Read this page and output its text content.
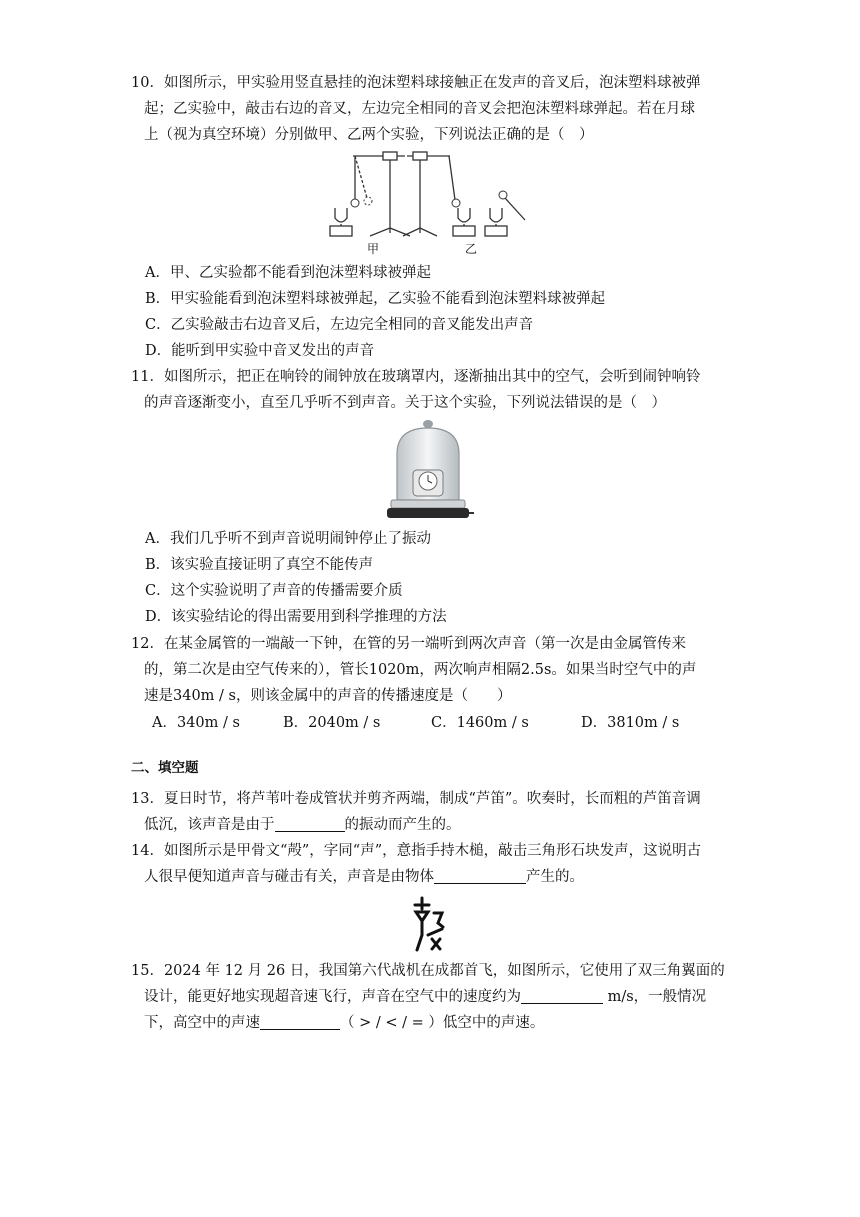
10．如图所示，甲实验用竖直悬挂的泡沫塑料球接触正在发声的音叉后，泡沫塑料球被弹
起；乙实验中，敲击右边的音叉，左边完全相同的音叉会把泡沫塑料球弹起。若在月球
上（视为真空环境）分别做甲、乙两个实验，下列说法正确的是（　）
甲	乙
A．甲、乙实验都不能看到泡沫塑料球被弹起
B．甲实验能看到泡沫塑料球被弹起，乙实验不能看到泡沫塑料球被弹起
C．乙实验敲击右边音叉后，左边完全相同的音叉能发出声音
D．能听到甲实验中音叉发出的声音
11．如图所示，把正在响铃的闹钟放在玻璃罩内，逐渐抽出其中的空气，会听到闹钟响铃
的声音逐渐变小，直至几乎听不到声音。关于这个实验，下列说法错误的是（　）
A．我们几乎听不到声音说明闹钟停止了振动
B．该实验直接证明了真空不能传声
C．这个实验说明了声音的传播需要介质
D．该实验结论的得出需要用到科学推理的方法
12．在某金属管的一端敲一下钟，在管的另一端听到两次声音（第一次是由金属管传来
的，第二次是由空气传来的），管长1020m，两次响声相隔2.5s。如果当时空气中的声
速是340m / s，则该金属中的声音的传播速度是（　　）
A．340m / s	B．2040m / s	C．1460m / s	D．3810m / s
二、填空题
13．夏日时节，将芦苇叶卷成管状并剪齐两端，制成“芦笛”。吹奏时，长而粗的芦笛音调
低沉，该声音是由于	的振动而产生的。
14．如图所示是甲骨文“殸”，字同“声”，意指手持木槌，敲击三角形石块发声，这说明古
人很早便知道声音与碰击有关，声音是由物体	产生的。
15．2024 年 12 月 26 日，我国第六代战机在成都首飞，如图所示，它使用了双三角翼面的
设计，能更好地实现超音速飞行，声音在空气中的速度约为	m/s，一般情况
下，高空中的声速	（ > / < / = ）低空中的声速。
